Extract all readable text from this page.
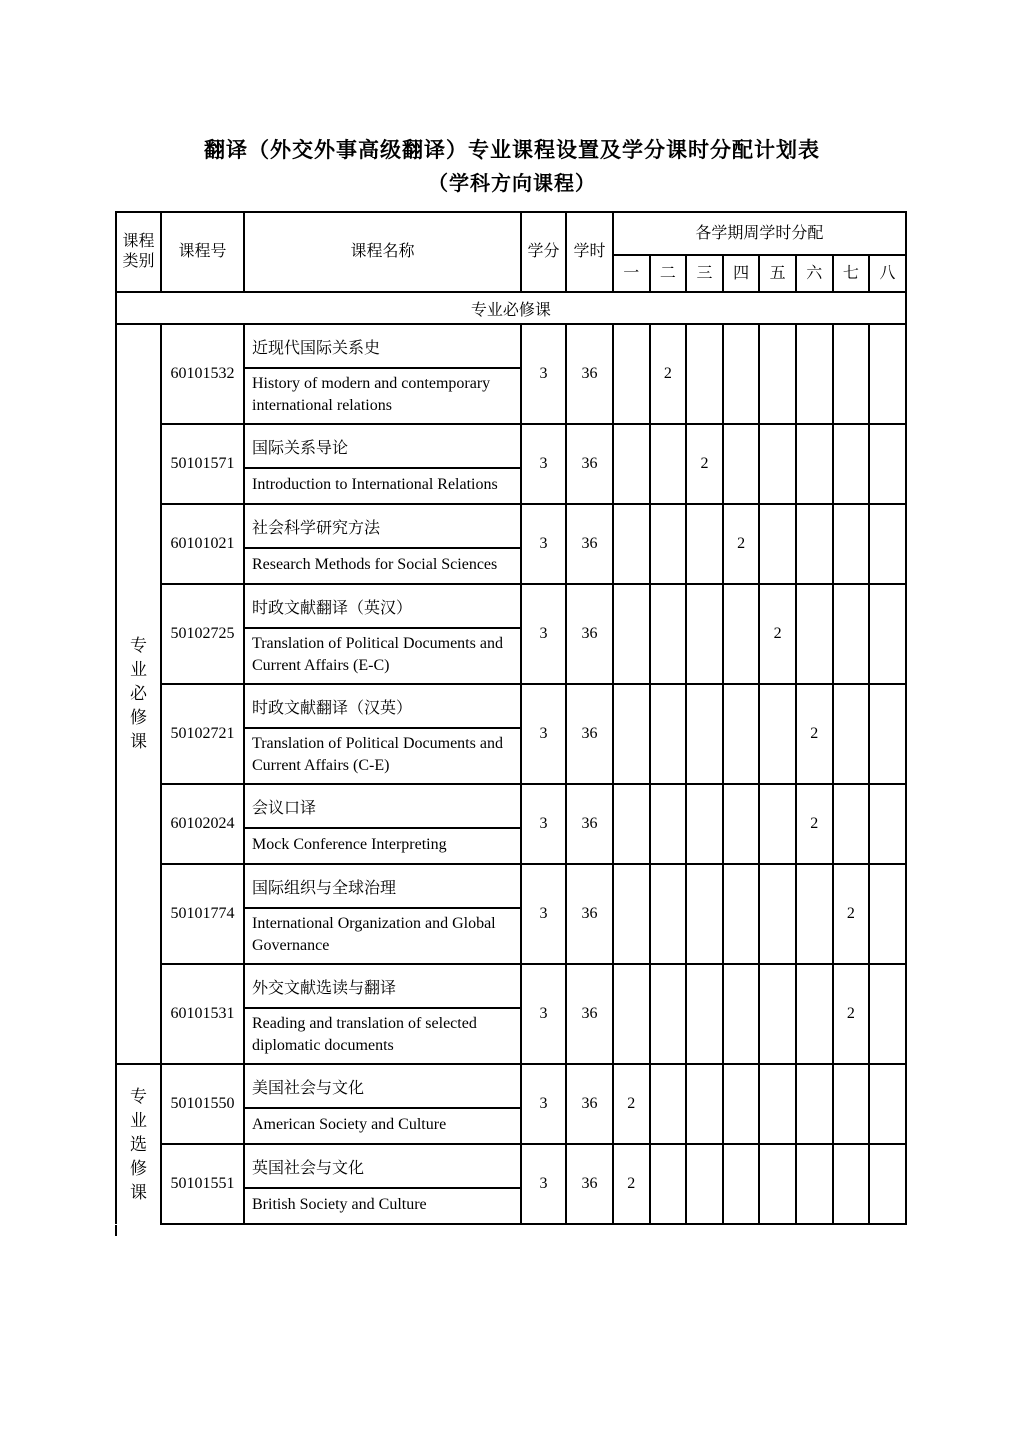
翻译（外交外事高级翻译）专业课程设置及学分课时分配计划表
（学科方向课程）
课程类别	课程号	课程名称	学分	学时	各学期周学时分配							
					一	二	三	四	五	六	七	八
专业必修课												

专
业
必
修
课	60101532	近现代国际关系史	3	36		2						
		History of modern and contemporary international relations										
	50101571	国际关系导论	3	36			2					
		Introduction to International Relations										
	60101021	社会科学研究方法	3	36				2				
		Research Methods for Social Sciences										
	50102725	时政文献翻译（英汉）	3	36					2			
		Translation of Political Documents and Current Affairs (E-C)										
	50102721	时政文献翻译（汉英）	3	36						2		
		Translation of Political Documents and Current Affairs (C-E)										
	60102024	会议口译	3	36						2		
		Mock Conference Interpreting										
	50101774	国际组织与全球治理	3	36							2	
		International Organization and Global Governance										
	60101531	外交文献选读与翻译	3	36							2	
		Reading and translation of selected diplomatic documents										

专
业
选
修
课	50101550	美国社会与文化	3	36	2							
		American Society and Culture										
	50101551	英国社会与文化	3	36	2							
		British Society and Culture										
